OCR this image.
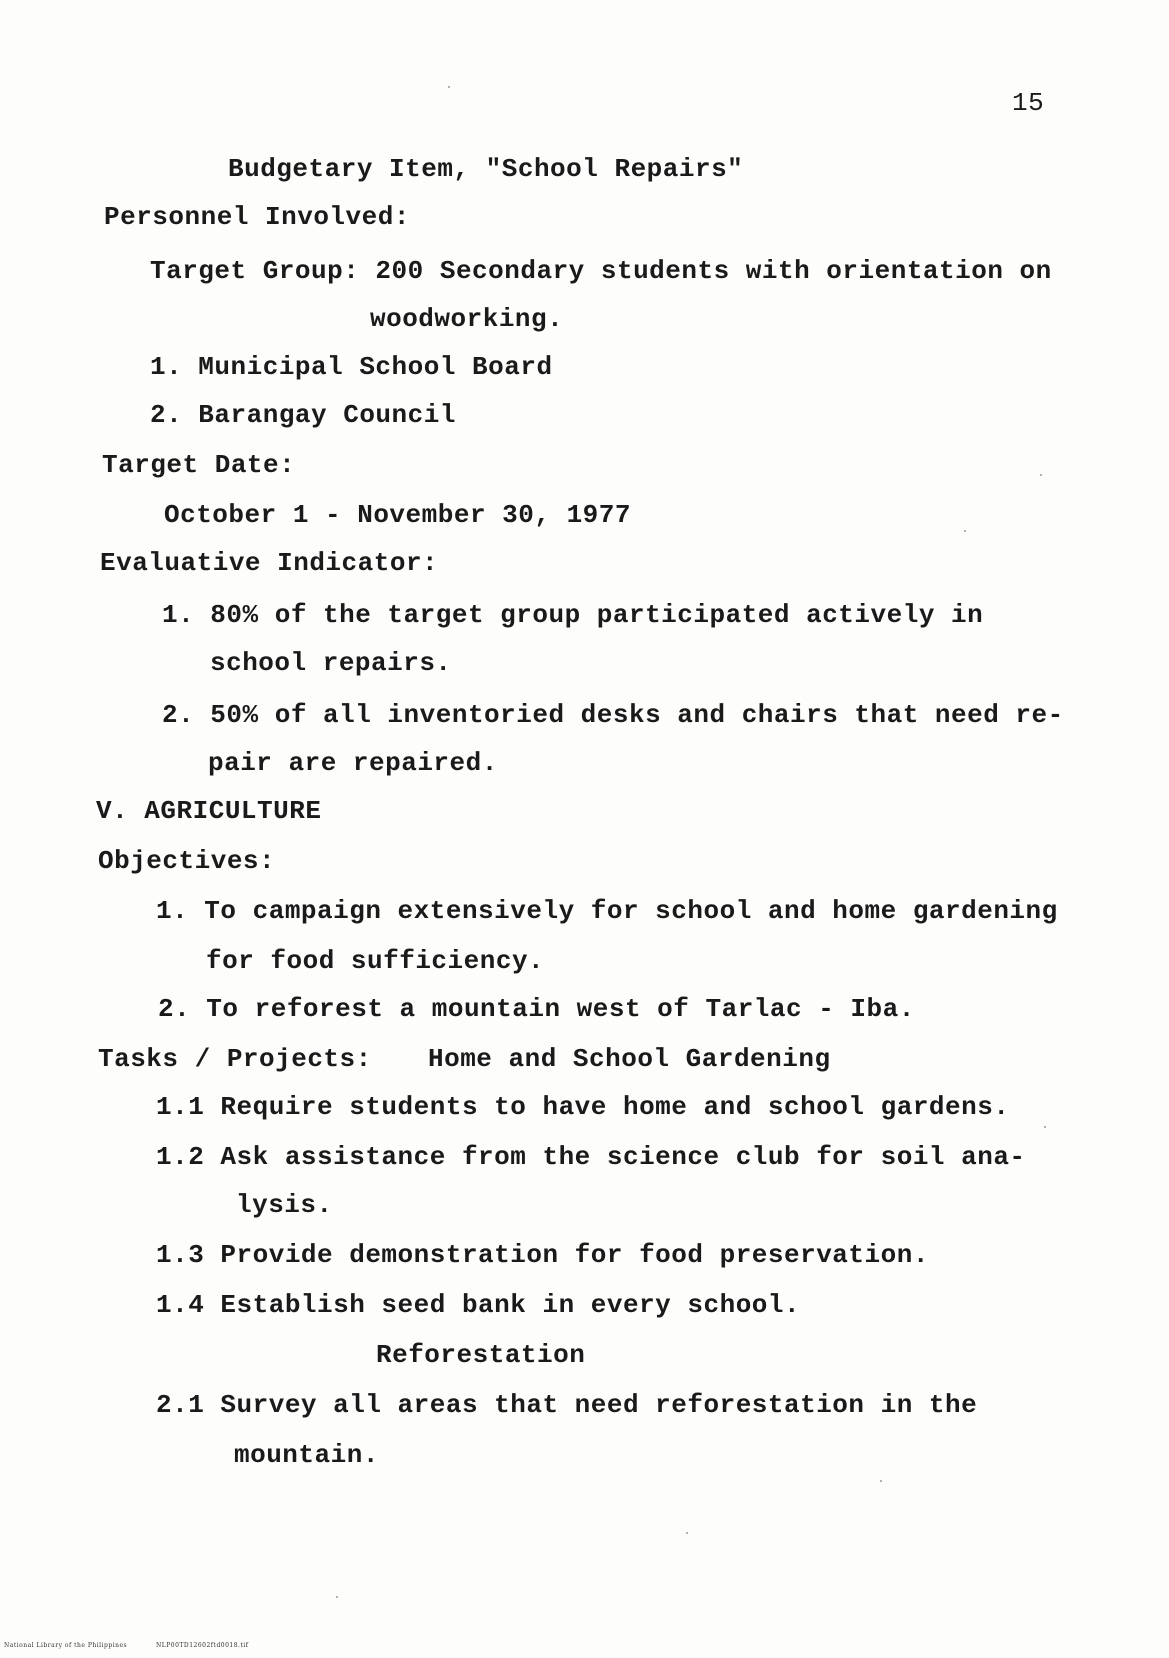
15
Budgetary Item, "School Repairs"
Personnel Involved:
Target Group: 200 Secondary students with orientation on
woodworking.
1. Municipal School Board
2. Barangay Council
Target Date:
October 1 - November 30, 1977
Evaluative Indicator:
1. 80% of the target group participated actively in
school repairs.
2. 50% of all inventoried desks and chairs that need re-
pair are repaired.
V. AGRICULTURE
Objectives:
1. To campaign extensively for school and home gardening
for food sufficiency.
2. To reforest a mountain west of Tarlac - Iba.
Tasks / Projects: Home and School Gardening
1.1 Require students to have home and school gardens.
1.2 Ask assistance from the science club for soil ana-
lysis.
1.3 Provide demonstration for food preservation.
1.4 Establish seed bank in every school.
Reforestation
2.1 Survey all areas that need reforestation in the
mountain.
National Library of the Philippines	NLP00TD12602ftd0018.tif
